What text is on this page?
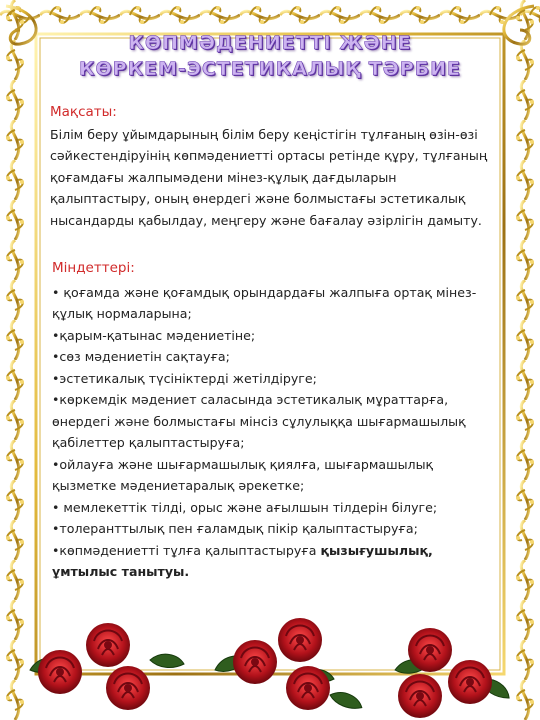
КӨПМӘДЕНИЕТТІ ЖӘНЕ
КӨРКЕМ-ЭСТЕТИКАЛЫҚ ТӘРБИЕ
Мақсаты:
Білім беру ұйымдарының білім беру кеңістігін тұлғаның өзін-өзі сәйкестендіруінің көпмәдениетті ортасы ретінде құру, тұлғаның қоғамдағы жалпымәдени мінез-құлық дағдыларын қалыптастыру, оның өнердегі және болмыстағы эстетикалық нысандарды қабылдау, меңгеру және бағалау әзірлігін дамыту.
Міндеттері:
• қоғамда және қоғамдық орындардағы жалпыға ортақ мінез-құлық нормаларына;
•қарым-қатынас мәдениетіне;
•сөз мәдениетін сақтауға;
•эстетикалық түсініктерді жетілдіруге;
•көркемдік мәдениет саласында эстетикалық мұраттарға, өнердегі және болмыстағы мінсіз сұлулыққа шығармашылық қабілеттер қалыптастыруға;
•ойлауға және шығармашылық қиялға, шығармашылық қызметке мәдениетаралық әрекетке;
• мемлекеттік тілді, орыс және ағылшын тілдерін білуге;
•толеранттылық пен ғаламдық пікір қалыптастыруға;
•көпмәдениетті тұлға қалыптастыруға қызығушылық, ұмтылыс танытуы.
